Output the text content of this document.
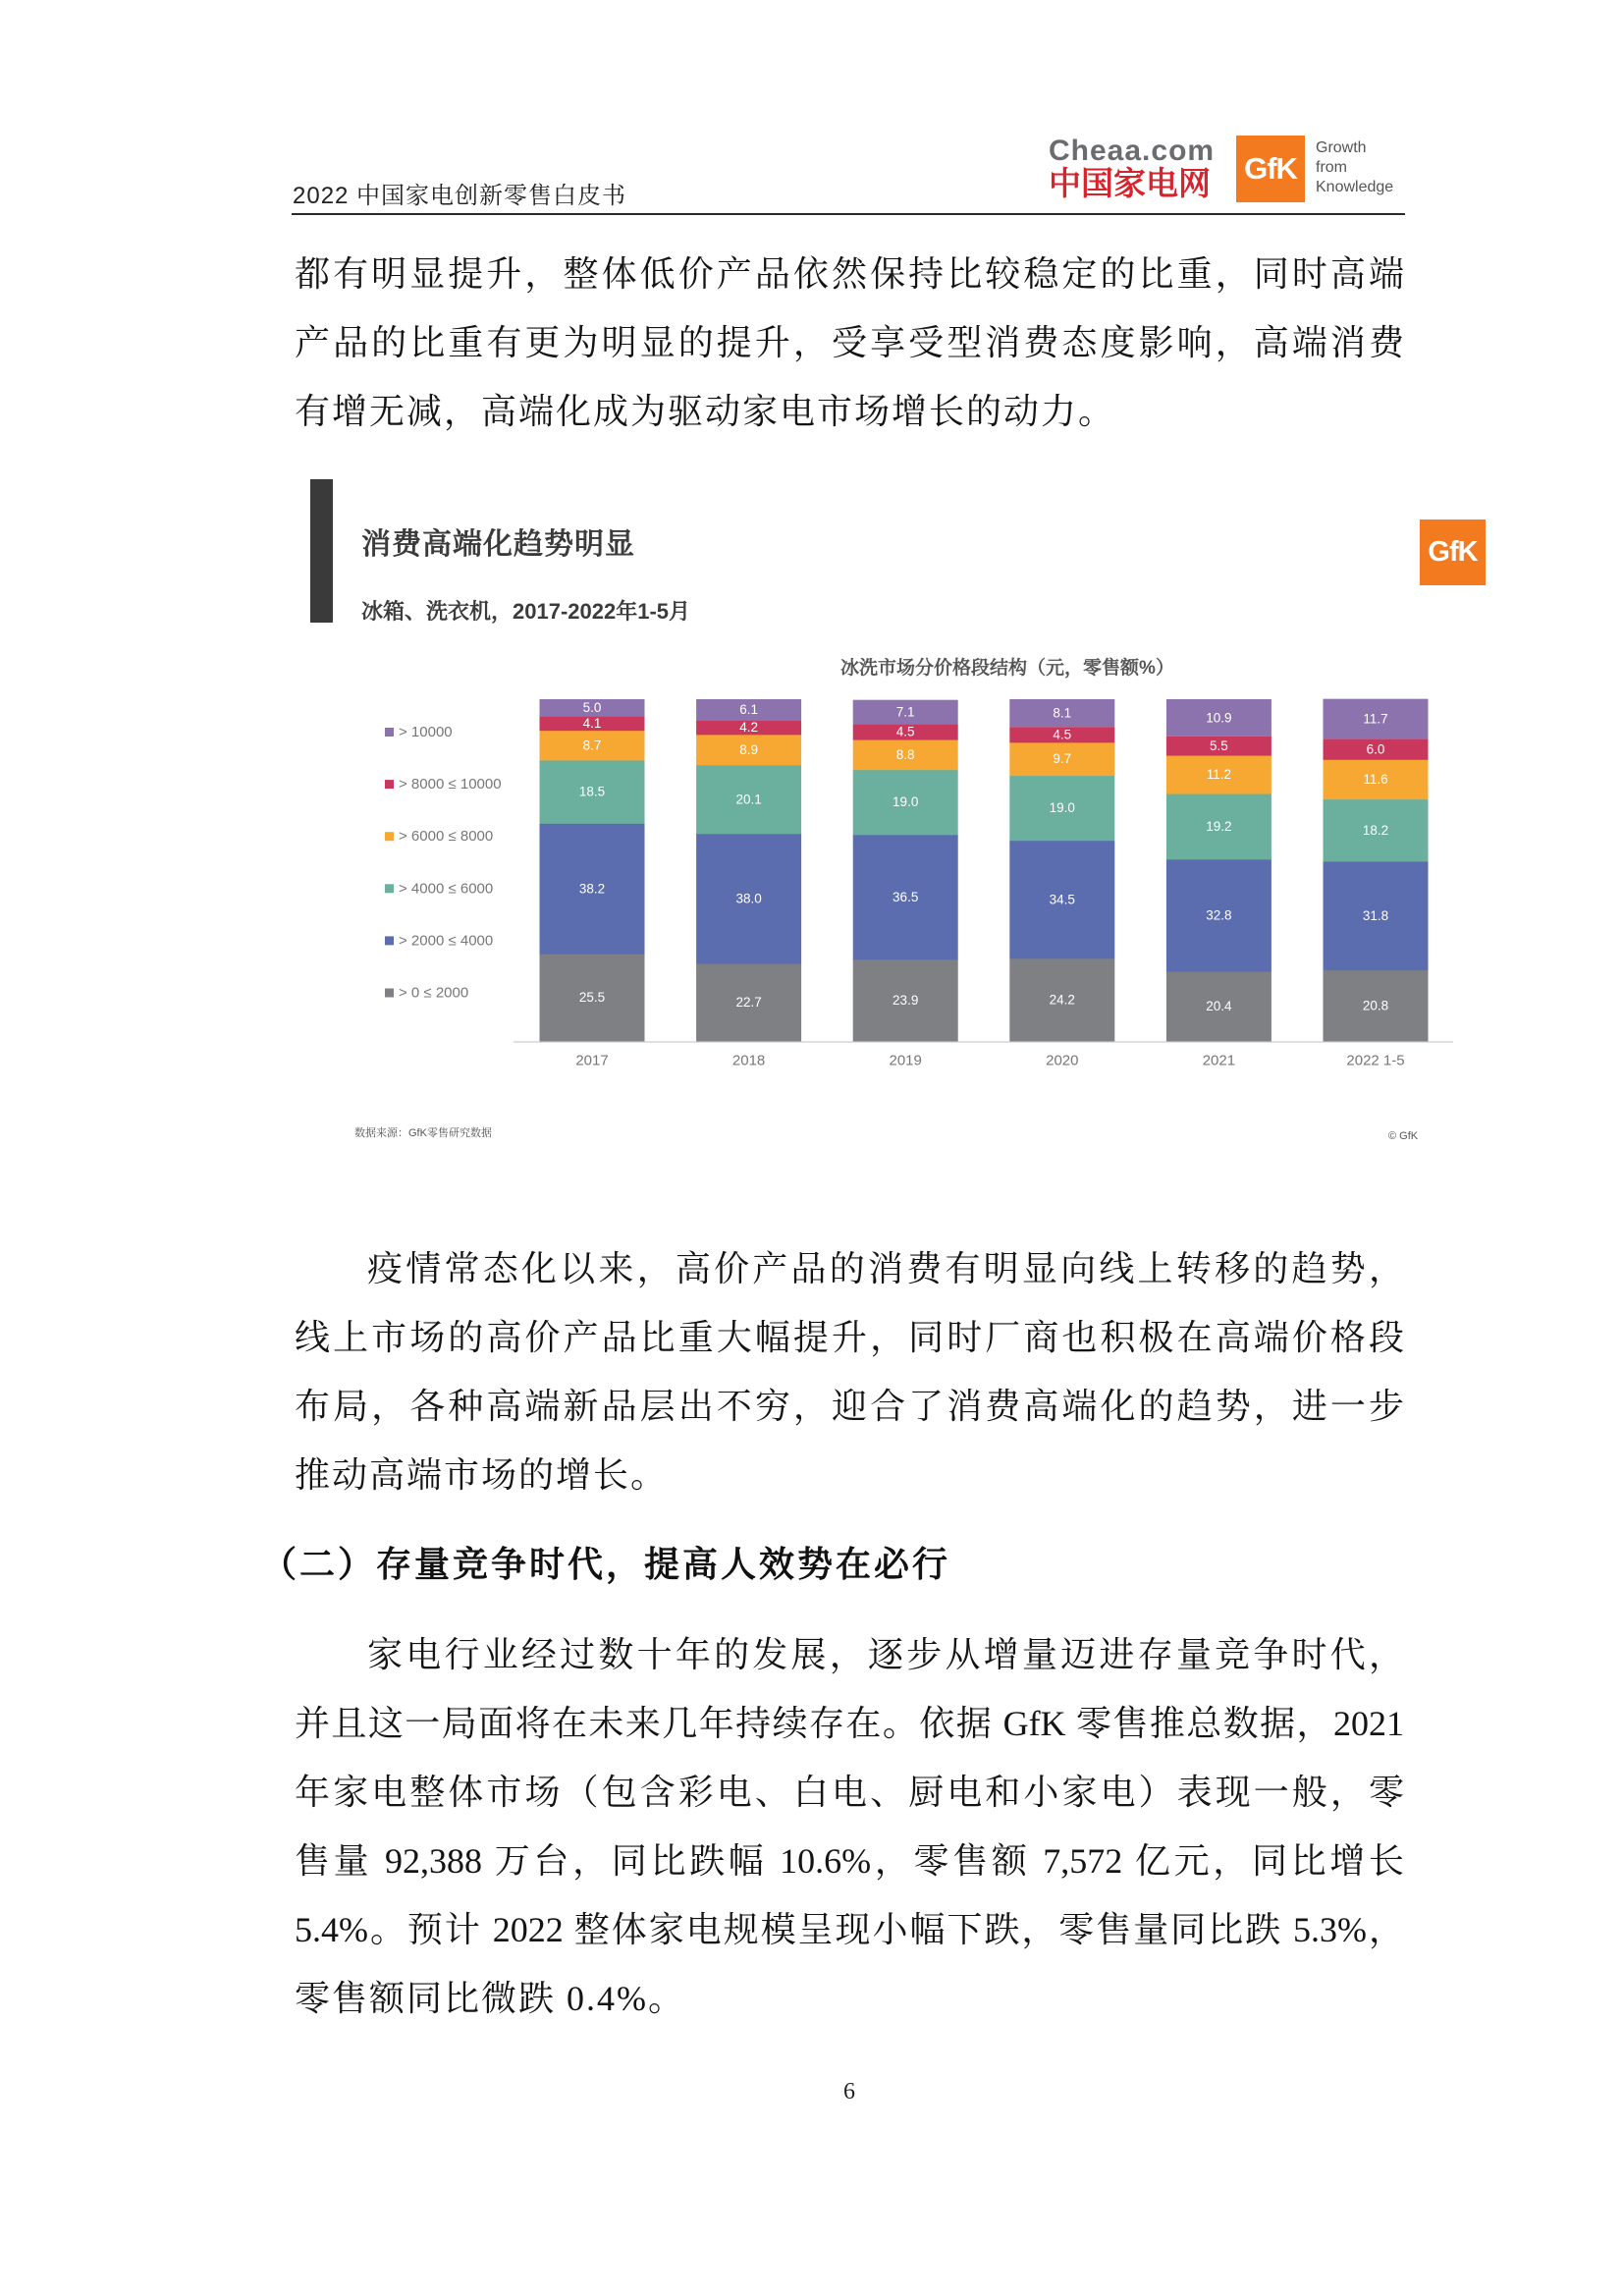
2022 中国家电创新零售白皮书
Cheaa.com
中国家电网 GfK
Growth
from
Knowledge
都有明显提升，整体低价产品依然保持比较稳定的比重，同时高端
产品的比重有更为明显的提升，受享受型消费态度影响，高端消费
有增无减，高端化成为驱动家电市场增长的动力。
消费高端化趋势明显
冰箱、洗衣机，2017-2022年1-5月
GfK
冰洗市场分价格段结构（元，零售额%）
25.5
38.2
18.5
8.7
4.1
5.0
2017
22.7
38.0
20.1
8.9
4.2
6.1
2018
23.9
36.5
19.0
8.8
4.5
7.1
2019
24.2
34.5
19.0
9.7
4.5
8.1
2020
20.4
32.8
19.2
11.2
5.5
10.9
2021
20.8
31.8
18.2
11.6
6.0
11.7
2022 1-5
> 10000
> 8000 ≤ 10000
> 6000 ≤ 8000
> 4000 ≤ 6000
> 2000 ≤ 4000
> 0 ≤ 2000
数据来源：GfK零售研究数据	© GfK
疫情常态化以来，高价产品的消费有明显向线上转移的趋势，
线上市场的高价产品比重大幅提升，同时厂商也积极在高端价格段
布局，各种高端新品层出不穷，迎合了消费高端化的趋势，进一步
推动高端市场的增长。
（二）存量竞争时代，提高人效势在必行
家电行业经过数十年的发展，逐步从增量迈进存量竞争时代，
并且这一局面将在未来几年持续存在。依据 GfK 零售推总数据，2021
年家电整体市场（包含彩电、白电、厨电和小家电）表现一般，零
售量 92,388 万台，同比跌幅 10.6%，零售额 7,572 亿元，同比增长
5.4%。预计 2022 整体家电规模呈现小幅下跌，零售量同比跌 5.3%，
零售额同比微跌 0.4%。
6
